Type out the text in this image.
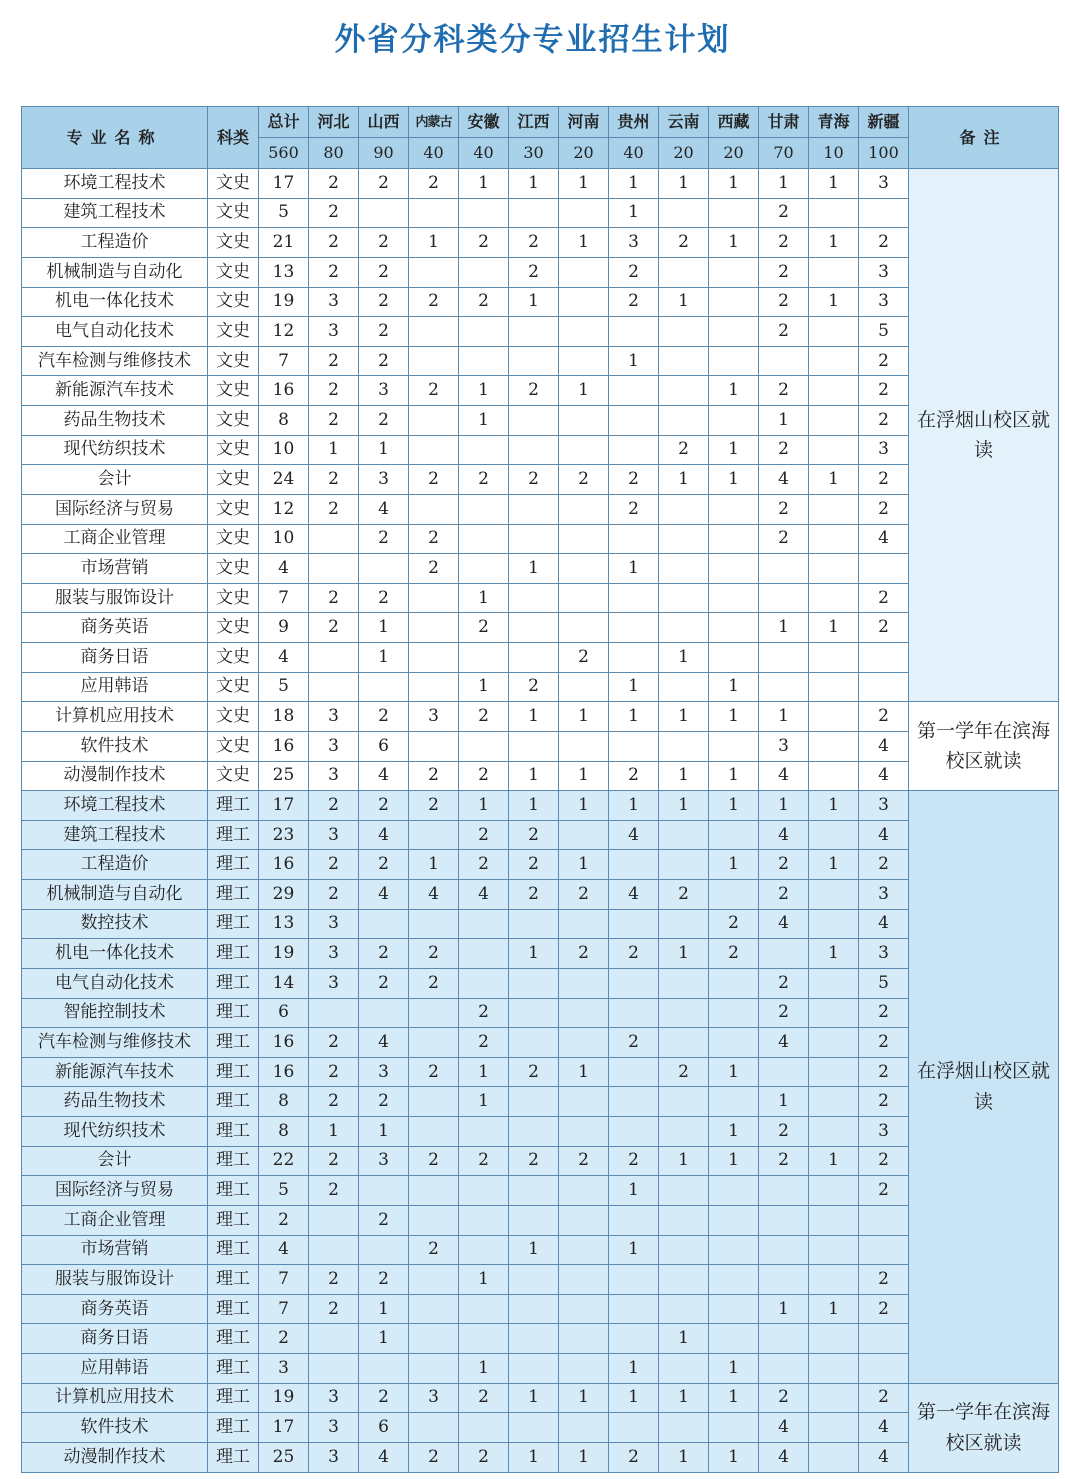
外省分科类分专业招生计划
专业名称	科类	总计	河北	山西	内蒙古	安徽	江西	河南	贵州	云南	西藏	甘肃	青海	新疆	备注
		560	80	90	40	40	30	20	40	20	20	70	10	100	
环境工程技术	文史	17	2	2	2	1	1	1	1	1	1	1	1	3	在浮烟山校区就读
建筑工程技术	文史	5	2						1			2			
工程造价	文史	21	2	2	1	2	2	1	3	2	1	2	1	2	
机械制造与自动化	文史	13	2	2			2		2			2		3	
机电一体化技术	文史	19	3	2	2	2	1		2	1		2	1	3	
电气自动化技术	文史	12	3	2								2		5	
汽车检测与维修技术	文史	7	2	2					1					2	
新能源汽车技术	文史	16	2	3	2	1	2	1			1	2		2	
药品生物技术	文史	8	2	2		1						1		2	
现代纺织技术	文史	10	1	1						2	1	2		3	
会计	文史	24	2	3	2	2	2	2	2	1	1	4	1	2	
国际经济与贸易	文史	12	2	4					2			2		2	
工商企业管理	文史	10		2	2							2		4	
市场营销	文史	4			2		1		1						
服装与服饰设计	文史	7	2	2		1								2	
商务英语	文史	9	2	1		2						1	1	2	
商务日语	文史	4		1				2		1					
应用韩语	文史	5				1	2		1		1				
计算机应用技术	文史	18	3	2	3	2	1	1	1	1	1	1		2	第一学年在滨海校区就读
软件技术	文史	16	3	6								3		4	
动漫制作技术	文史	25	3	4	2	2	1	1	2	1	1	4		4	
环境工程技术	理工	17	2	2	2	1	1	1	1	1	1	1	1	3	在浮烟山校区就读
建筑工程技术	理工	23	3	4		2	2		4			4		4	
工程造价	理工	16	2	2	1	2	2	1			1	2	1	2	
机械制造与自动化	理工	29	2	4	4	4	2	2	4	2		2		3	
数控技术	理工	13	3								2	4		4	
机电一体化技术	理工	19	3	2	2		1	2	2	1	2		1	3	
电气自动化技术	理工	14	3	2	2							2		5	
智能控制技术	理工	6				2						2		2	
汽车检测与维修技术	理工	16	2	4		2			2			4		2	
新能源汽车技术	理工	16	2	3	2	1	2	1		2	1			2	
药品生物技术	理工	8	2	2		1						1		2	
现代纺织技术	理工	8	1	1							1	2		3	
会计	理工	22	2	3	2	2	2	2	2	1	1	2	1	2	
国际经济与贸易	理工	5	2						1					2	
工商企业管理	理工	2		2											
市场营销	理工	4			2		1		1						
服装与服饰设计	理工	7	2	2		1								2	
商务英语	理工	7	2	1								1	1	2	
商务日语	理工	2		1						1					
应用韩语	理工	3				1			1		1				
计算机应用技术	理工	19	3	2	3	2	1	1	1	1	1	2		2	第一学年在滨海校区就读
软件技术	理工	17	3	6								4		4	
动漫制作技术	理工	25	3	4	2	2	1	1	2	1	1	4		4	
